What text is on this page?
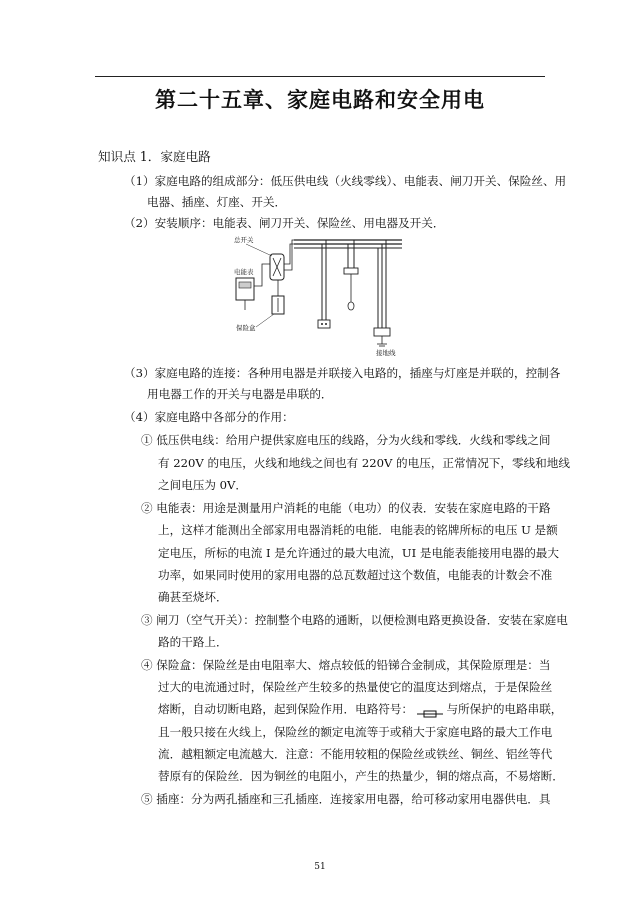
第二十五章、家庭电路和安全用电
知识点 1．家庭电路
（1）家庭电路的组成部分：低压供电线（火线零线）、电能表、闸刀开关、保险丝、用
电器、插座、灯座、开关．
（2）安装顺序：电能表、闸刀开关、保险丝、用电器及开关．
总开关
电能表
保险盒
接地线
（3）家庭电路的连接：各种用电器是并联接入电路的，插座与灯座是并联的，控制各
用电器工作的开关与电器是串联的．
（4）家庭电路中各部分的作用：
① 低压供电线：给用户提供家庭电压的线路，分为火线和零线．火线和零线之间
有 220V 的电压，火线和地线之间也有 220V 的电压，正常情况下，零线和地线
之间电压为 0V．
② 电能表：用途是测量用户消耗的电能（电功）的仪表．安装在家庭电路的干路
上，这样才能测出全部家用电器消耗的电能．电能表的铭牌所标的电压 U 是额
定电压，所标的电流 I 是允许通过的最大电流，UI 是电能表能接用电器的最大
功率，如果同时使用的家用电器的总瓦数超过这个数值，电能表的计数会不准
确甚至烧坏．
③ 闸刀（空气开关）：控制整个电路的通断，以便检测电路更换设备．安装在家庭电
路的干路上．
④ 保险盒：保险丝是由电阻率大、熔点较低的铅锑合金制成，其保险原理是：当
过大的电流通过时，保险丝产生较多的热量使它的温度达到熔点，于是保险丝
熔断，自动切断电路，起到保险作用．电路符号：	与所保护的电路串联，
且一般只接在火线上，保险丝的额定电流等于或稍大于家庭电路的最大工作电
流．越粗额定电流越大．注意：不能用较粗的保险丝或铁丝、铜丝、铝丝等代
替原有的保险丝．因为铜丝的电阻小，产生的热量少，铜的熔点高，不易熔断．
⑤ 插座：分为两孔插座和三孔插座．连接家用电器，给可移动家用电器供电．具
51
